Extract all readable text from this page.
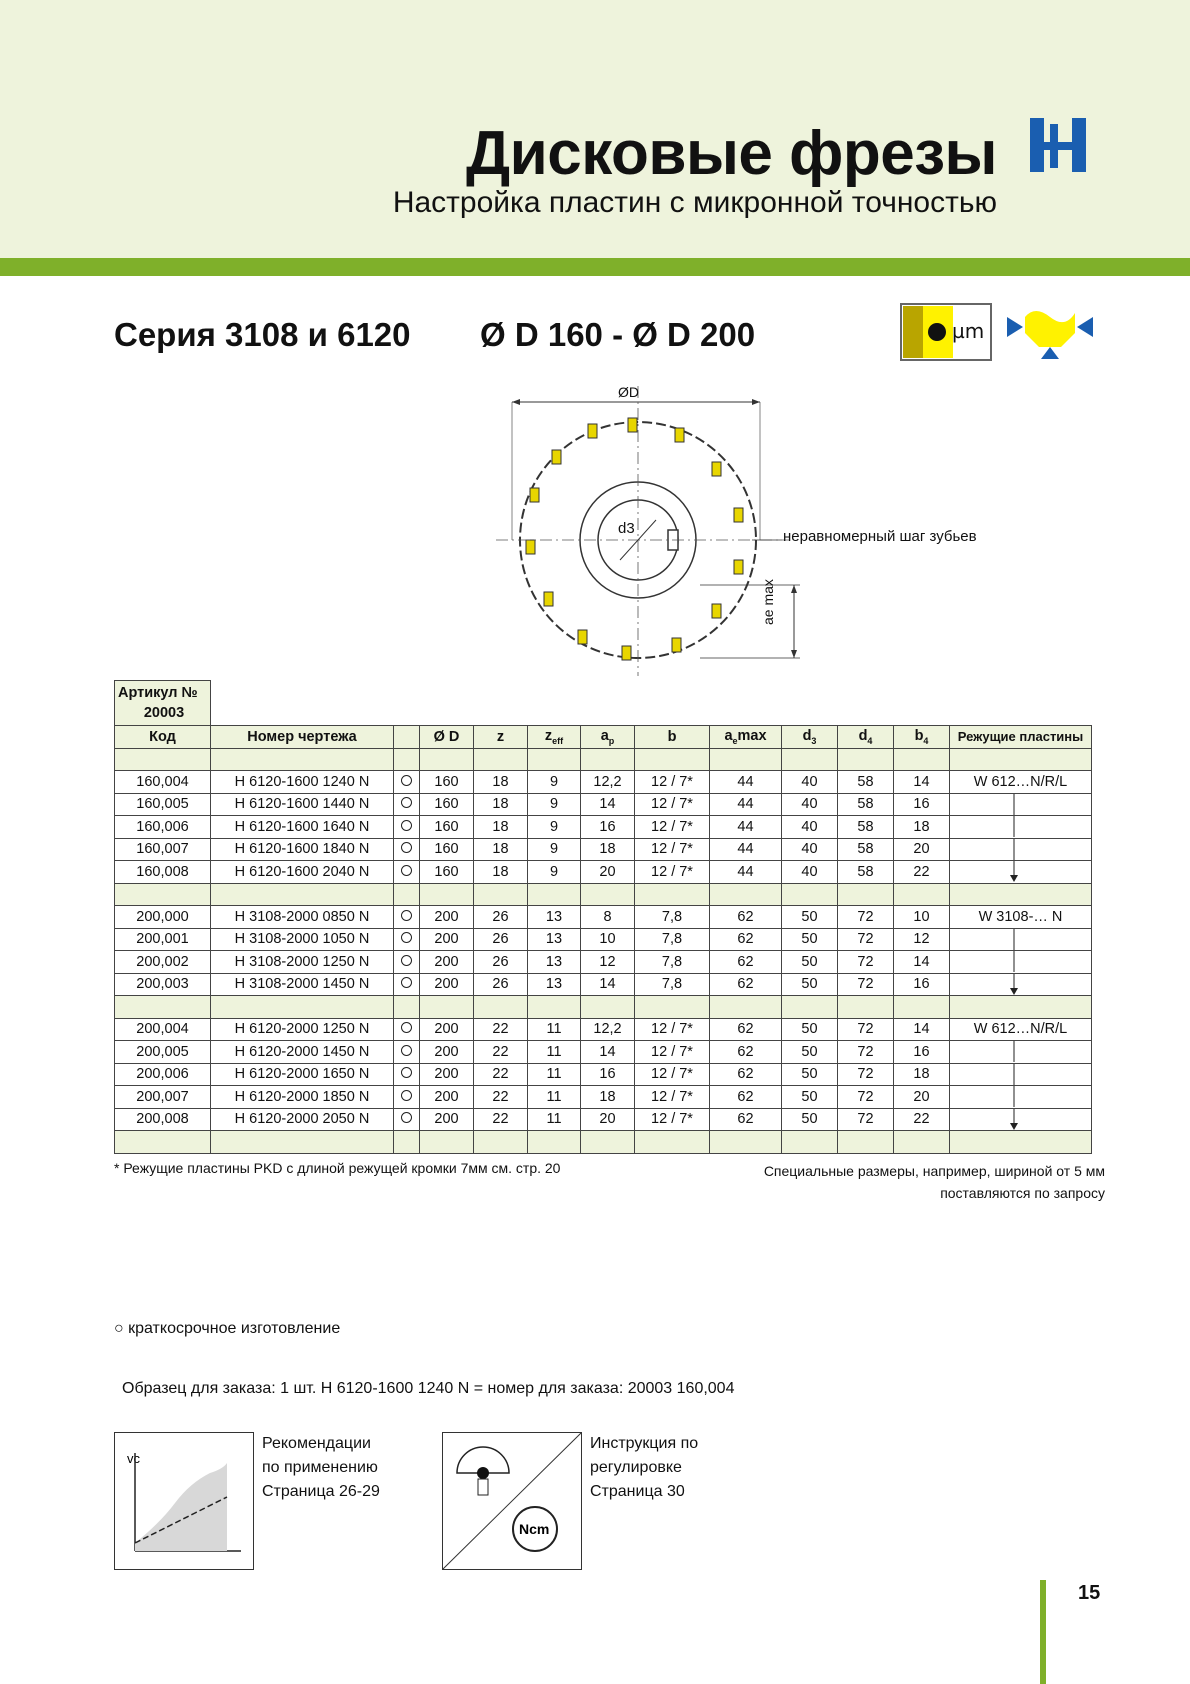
Дисковые фрезы
Настройка пластин с микронной точностью
Серия 3108 и 6120 Ø D 160 - Ø D 200	µm
ØD
d3	неравномерный шаг зубьев
ae max
Артикул №
20003												

Код	Номер чертежа		Ø D	z	$z_{eff}$	$a_p$	b	$a_e\max$	$d_3$	$d_4$	$b_4$	Режущие пластины

160,004	H 6120-1600 1240 N		160	18	9	12,2	12 / 7*	44	40	58	14	W 612…N/R/L
160,005	H 6120-1600 1440 N		160	18	9	14	12 / 7*	44	40	58	16	

160,006	H 6120-1600 1640 N		160	18	9	16	12 / 7*	44	40	58	18	

160,007	H 6120-1600 1840 N		160	18	9	18	12 / 7*	44	40	58	20	

160,008	H 6120-1600 2040 N		160	18	9	20	12 / 7*	44	40	58	22	

200,000	H 3108-2000 0850 N		200	26	13	8	7,8	62	50	72	10	W 3108-… N
200,001	H 3108-2000 1050 N		200	26	13	10	7,8	62	50	72	12	

200,002	H 3108-2000 1250 N		200	26	13	12	7,8	62	50	72	14	

200,003	H 3108-2000 1450 N		200	26	13	14	7,8	62	50	72	16	

200,004	H 6120-2000 1250 N		200	22	11	12,2	12 / 7*	62	50	72	14	W 612…N/R/L
200,005	H 6120-2000 1450 N		200	22	11	14	12 / 7*	62	50	72	16	

200,006	H 6120-2000 1650 N		200	22	11	16	12 / 7*	62	50	72	18	

200,007	H 6120-2000 1850 N		200	22	11	18	12 / 7*	62	50	72	20	

200,008	H 6120-2000 2050 N		200	22	11	20	12 / 7*	62	50	72	22	

* Режущие пластины PKD с длиной режущей кромки 7мм см. стр. 20	Специальные размеры, например, шириной от 5 мм
поставляются по запросу
○ краткосрочное изготовление
Образец для заказа: 1 шт. H 6120-1600 1240 N = номер для заказа: 20003 160,004
vc
Рекомендации
по применению
Страница 26-29
Ncm
Инструкция по
регулировке
Страница 30
15
